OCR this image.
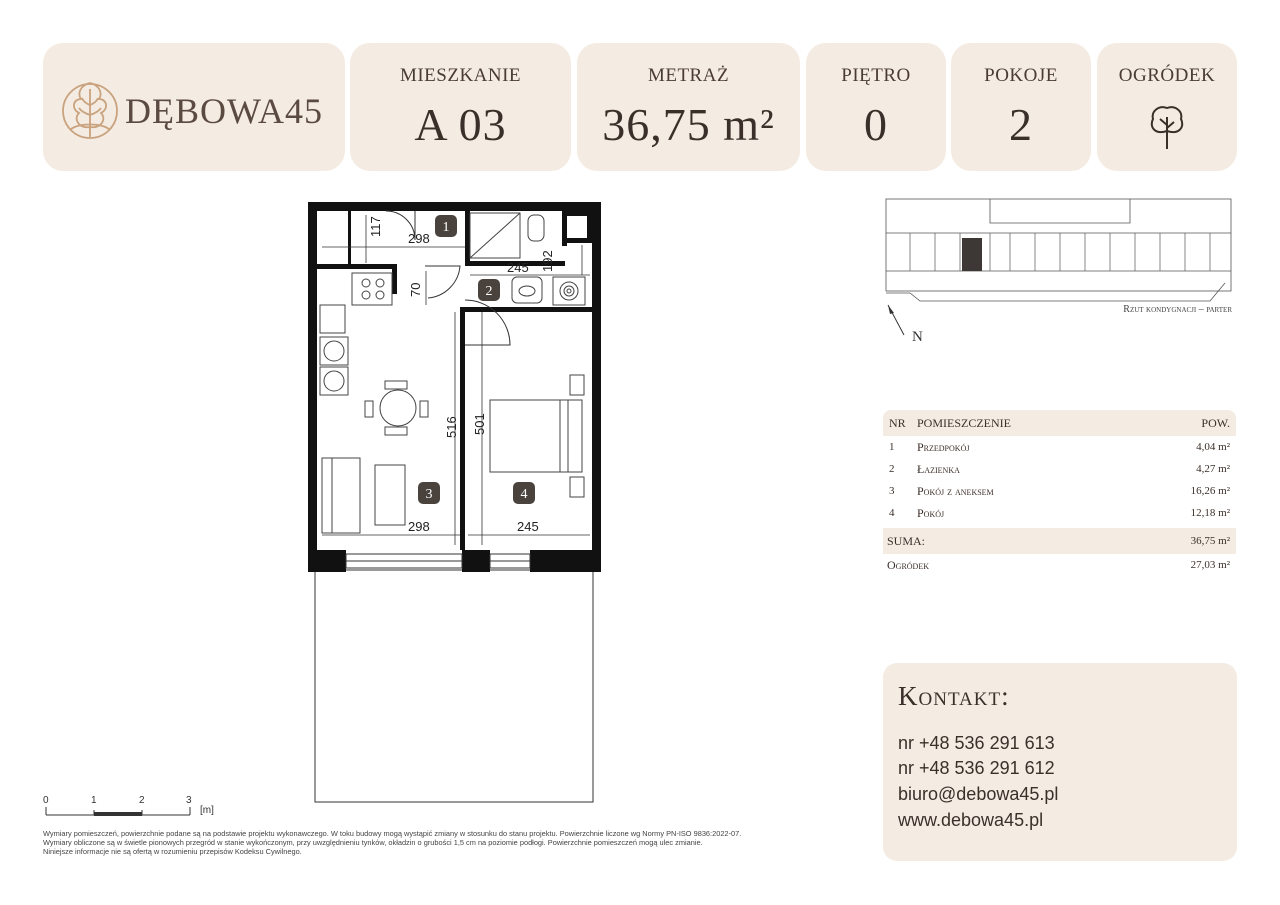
DĘBOWA45
MIESZKANIE
A 03
METRAŻ
36,75 m²
PIĘTRO
0
POKOJE
2
OGRÓDEK
298
245
298	245
117
192
70
516 501
1
2
3	4
Rzut kondygnacji – parter
N
NR POMIESZCZENIE	POW.
1	Przedpokój	4,04 m²
2	Łazienka	4,27 m²
3	Pokój z aneksem	16,26 m²
4	Pokój	12,18 m²
SUMA:	36,75 m²
Ogródek	27,03 m²
Kontakt:
nr +48 536 291 613
nr +48 536 291 612
biuro@debowa45.pl
www.debowa45.pl
0	1	2	3
[m]
Wymiary pomieszczeń, powierzchnie podane są na podstawie projektu wykonawczego. W toku budowy mogą wystąpić zmiany w stosunku do stanu projektu. Powierzchnie liczone wg Normy PN-ISO 9836:2022-07.
Wymiary obliczone są w świetle pionowych przegród w stanie wykończonym, przy uwzględnieniu tynków, okładzin o grubości 1,5 cm na poziomie podłogi. Powierzchnie pomieszczeń mogą ulec zmianie.
Niniejsze informacje nie są ofertą w rozumieniu przepisów Kodeksu Cywilnego.
